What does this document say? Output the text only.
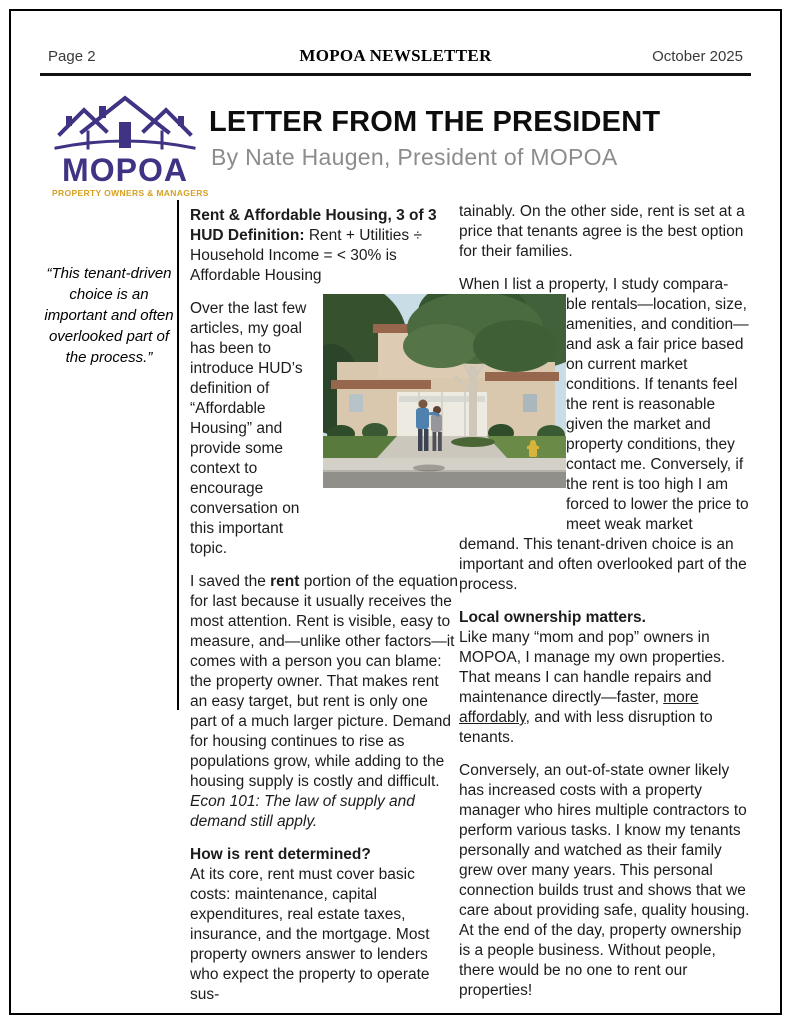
Page 2	MOPOA NEWSLETTER	October 2025
MOPOA
PROPERTY OWNERS & MANAGERS
LETTER FROM THE PRESIDENT
By Nate Haugen, President of MOPOA
“This tenant-driven choice is an important and often overlooked part of the process.”

Rent & Affordable Housing, 3 of 3

HUD Definition: Rent + Utilities ÷ Household Income = < 30% is Affordable Housing

Over the last few articles, my goal has been to introduce HUD’s definition of “Affordable Housing” and provide some context to encourage conversation on this important topic.

I saved the rent portion of the equation for last because it usually receives the most attention. Rent is visible, easy to measure, and—unlike other factors—it comes with a person you can blame: the property owner. That makes rent an easy target, but rent is only one part of a much larger picture. Demand for housing continues to rise as populations grow, while adding to the housing supply is costly and difficult. Econ 101: The law of supply and demand still apply.

How is rent determined?

At its core, rent must cover basic costs: maintenance, capital expenditures, real estate taxes, insurance, and the mortgage. Most property owners answer to lenders who expect the property to operate sus-

tainably. On the other side, rent is set at a price that tenants agree is the best option for their families.

When I list a property, I study compara-

ble rentals—location, size, amenities, and condition—and ask a fair price based on current market conditions. If tenants feel the rent is reasonable given the market and property conditions, they contact me. Conversely, if the rent is too high I am forced to lower the price to meet weak market demand. This tenant-driven choice is an important and often overlooked part of the process.

Local ownership matters.

Like many “mom and pop” owners in MOPOA, I manage my own properties. That means I can handle repairs and maintenance directly—faster, more affordably, and with less disruption to tenants.

Conversely, an out-of-state owner likely has increased costs with a property manager who hires multiple contractors to perform various tasks. I know my tenants personally and watched as their family grew over many years. This personal connection builds trust and shows that we care about providing safe, quality housing. At the end of the day, property ownership is a people business. Without people, there would be no one to rent our properties!
